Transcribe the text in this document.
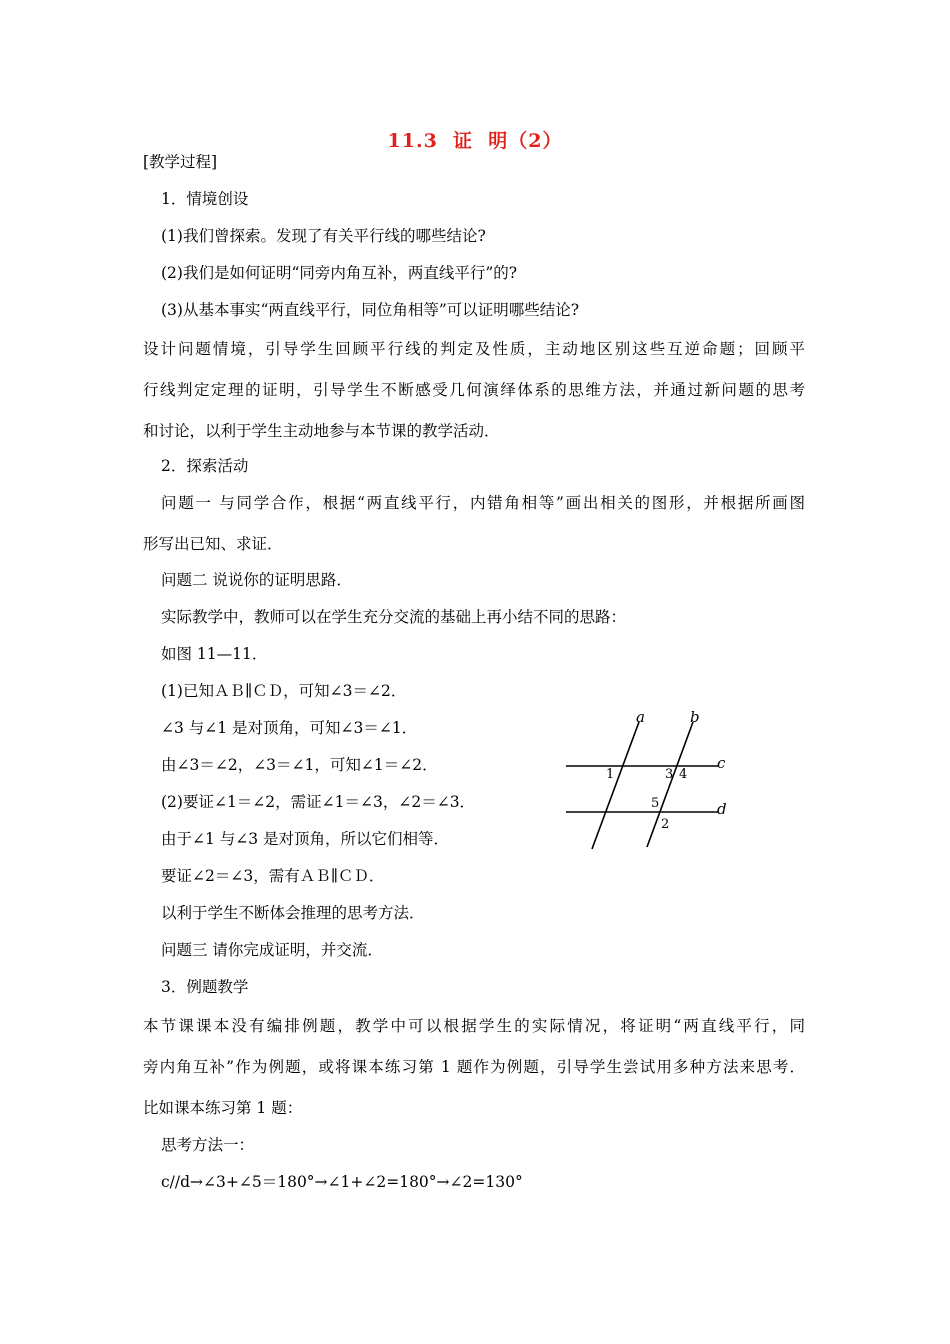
11.3  证  明（2）
[教学过程]
1．情境创设
(1)我们曾探索。发现了有关平行线的哪些结论?
(2)我们是如何证明“同旁内角互补，两直线平行”的?
(3)从基本事实“两直线平行，同位角相等”可以证明哪些结论?
设计问题情境，引导学生回顾平行线的判定及性质，主动地区别这些互逆命题；回顾平
行线判定定理的证明，引导学生不断感受几何演绎体系的思维方法，并通过新问题的思考
和讨论，以利于学生主动地参与本节课的教学活动．
2．探索活动
问题一 与同学合作，根据“两直线平行，内错角相等”画出相关的图形，并根据所画图
形写出已知、求证．
问题二 说说你的证明思路．
实际教学中，教师可以在学生充分交流的基础上再小结不同的思路：
如图 11—11．
(1)已知ＡＢ∥ＣＤ，可知∠3＝∠2．
∠3 与∠1 是对顶角，可知∠3＝∠1．
由∠3＝∠2，∠3＝∠1，可知∠1＝∠2．
(2)要证∠1＝∠2，需证∠1＝∠3，∠2＝∠3．
由于∠1 与∠3 是对顶角，所以它们相等．
要证∠2＝∠3，需有ＡＢ∥ＣＤ．
以利于学生不断体会推理的思考方法．
问题三 请你完成证明，并交流．
3．例题教学
本节课课本没有编排例题，教学中可以根据学生的实际情况，将证明“两直线平行，同
旁内角互补”作为例题，或将课本练习第 1 题作为例题，引导学生尝试用多种方法来思考．
比如课本练习第 1 题：
思考方法一：
c//d→∠3+∠5＝180°→∠1+∠2=180°→∠2=130°
a	b
c
d
1	3 4
5
2
